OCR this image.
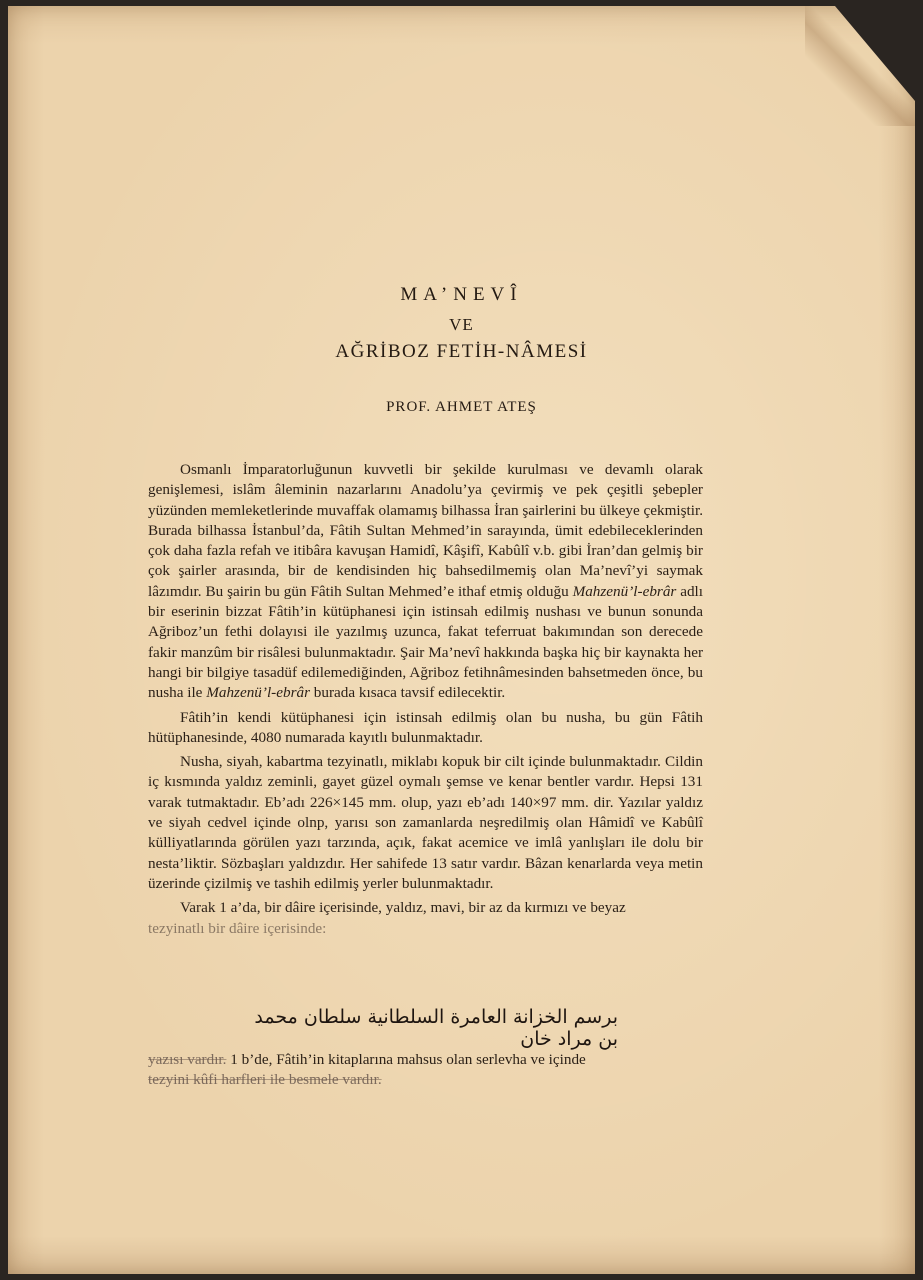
MA’NEVÎ
VE
AĞRİBOZ FETİH-NÂMESİ
PROF. AHMET ATEŞ

Osmanlı İmparatorluğunun kuvvetli bir şekilde kurulması ve devamlı olarak genişlemesi, islâm âleminin nazarlarını Anadolu’ya çevirmiş ve pek çeşitli şebepler yüzünden memleketlerinde muvaffak olamamış bilhassa İran şairlerini bu ülkeye çekmiştir. Burada bilhassa İstanbul’da, Fâtih Sultan Mehmed’in sarayında, ümit edebileceklerinden çok daha fazla refah ve itibâra kavuşan Hamidî, Kâşifî, Kabûlî v.b. gibi İran’dan gelmiş bir çok şairler arasında, bir de kendisinden hiç bahsedilmemiş olan Ma’nevî’yi saymak lâzımdır. Bu şairin bu gün Fâtih Sultan Mehmed’e ithaf etmiş olduğu Mahzenü’l-ebrâr adlı bir eserinin bizzat Fâtih’in kütüphanesi için istinsah edilmiş nushası ve bunun sonunda Ağriboz’un fethi dolayısi ile yazılmış uzunca, fakat teferruat bakımından son derecede fakir manzûm bir risâlesi bulunmaktadır. Şair Ma’nevî hakkında başka hiç bir kaynakta her hangi bir bilgiye tasadüf edilemediğinden, Ağriboz fetihnâmesinden bahsetmeden önce, bu nusha ile Mahzenü’l-ebrâr burada kısaca tavsif edilecektir.

Fâtih’in kendi kütüphanesi için istinsah edilmiş olan bu nusha, bu gün Fâtih hütüphanesinde, 4080 numarada kayıtlı bulunmaktadır.

Nusha, siyah, kabartma tezyinatlı, miklabı kopuk bir cilt içinde bulunmaktadır. Cildin iç kısmında yaldız zeminli, gayet güzel oymalı şemse ve kenar bentler vardır. Hepsi 131 varak tutmaktadır. Eb’adı 226×145 mm. olup, yazı eb’adı 140×97 mm. dir. Yazılar yaldız ve siyah cedvel içinde olnp, yarısı son zamanlarda neşredilmiş olan Hâmidî ve Kabûlî külliyatlarında görülen yazı tarzında, açık, fakat acemice ve imlâ yanlışları ile dolu bir nesta’liktir. Sözbaşları yaldızdır. Her sahifede 13 satır vardır. Bâzan kenarlarda veya metin üzerinde çizilmiş ve tashih edilmiş yerler bulunmaktadır.

Varak 1 a’da, bir dâire içerisinde, yaldız, mavi, bir az da kırmızı ve beyaz

tezyinatlı bir dâire içerisinde:

برسم الخزانة العامرة السلطانية سلطان محمد بن مراد خان
yazısı vardır. 1 b’de, Fâtih’in kitaplarına mahsus olan serlevha ve içinde
tezyini kûfi harfleri ile besmele vardır.
